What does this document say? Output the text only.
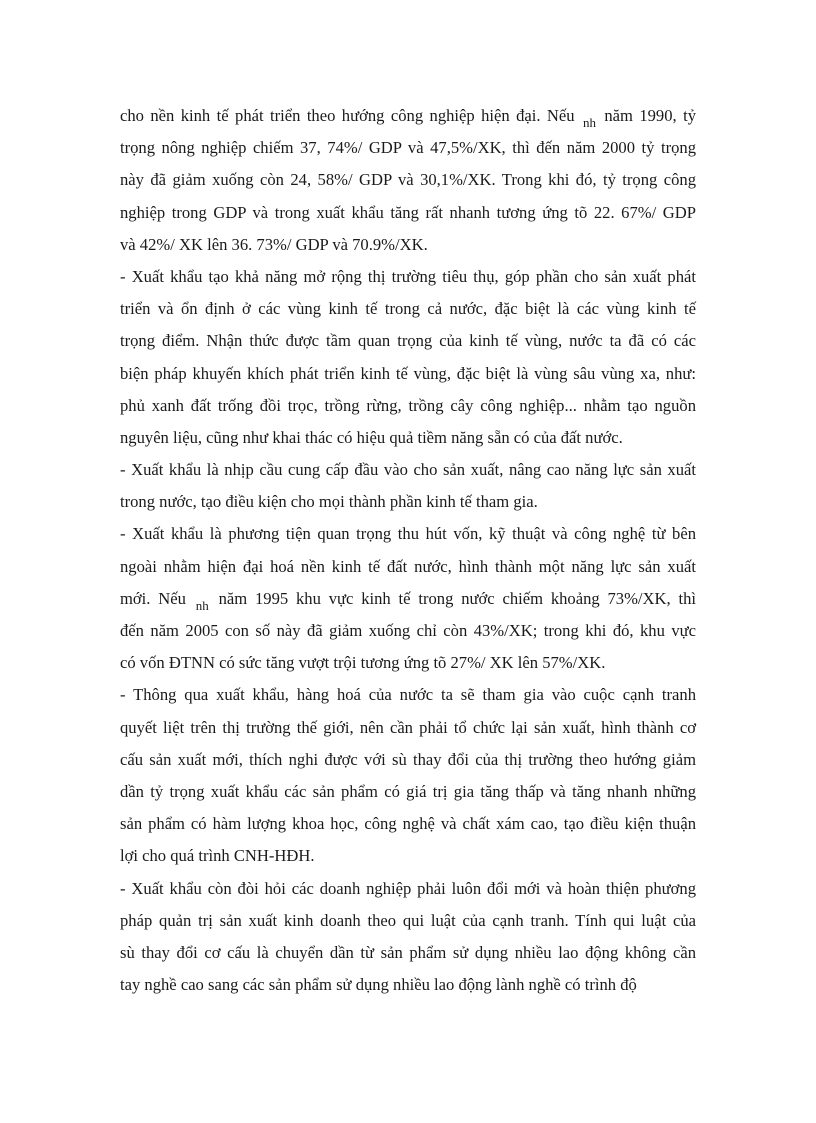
cho nền kinh tế phát triển theo hướng công nghiệp hiện đại. Nếu $_{nh}$ năm 1990, tỷ
trọng nông nghiệp chiếm 37, 74%/ GDP và 47,5%/XK, thì đến năm 2000 tỷ trọng
này đã giảm xuống còn 24, 58%/ GDP và 30,1%/XK. Trong khi đó, tỷ trọng công
nghiệp trong GDP và trong xuất khẩu tăng rất nhanh tương ứng tõ 22. 67%/ GDP
và 42%/ XK lên 36. 73%/ GDP và 70.9%/XK.
- Xuất khẩu tạo khả năng mở rộng thị trường tiêu thụ, góp phần cho sản xuất phát
triển và ổn định ở các vùng kinh tế trong cả nước, đặc biệt là các vùng kinh tế
trọng điểm. Nhận thức được tầm quan trọng của kinh tế vùng, nước ta đã có các
biện pháp khuyến khích phát triển kinh tế vùng, đặc biệt là vùng sâu vùng xa, như:
phủ xanh đất trống đồi trọc, trồng rừng, trồng cây công nghiệp... nhằm tạo nguồn
nguyên liệu, cũng như khai thác có hiệu quả tiềm năng sẵn có của đất nước.
- Xuất khẩu là nhịp cầu cung cấp đầu vào cho sản xuất, nâng cao năng lực sản xuất
trong nước, tạo điều kiện cho mọi thành phần kinh tế tham gia.
- Xuất khẩu là phương tiện quan trọng thu hút vốn, kỹ thuật và công nghệ từ bên
ngoài nhằm hiện đại hoá nền kinh tế đất nước, hình thành một năng lực sản xuất
mới. Nếu $_{nh}$ năm 1995 khu vực kinh tế trong nước chiếm khoảng 73%/XK, thì
đến năm 2005 con số này đã giảm xuống chỉ còn 43%/XK; trong khi đó, khu vực
có vốn ĐTNN có sức tăng vượt trội tương ứng tõ 27%/ XK lên 57%/XK.
- Thông qua xuất khẩu, hàng hoá của nước ta sẽ tham gia vào cuộc cạnh tranh
quyết liệt trên thị trường thế giới, nên cần phải tổ chức lại sản xuất, hình thành cơ
cấu sản xuất mới, thích nghi được với sù thay đổi của thị trường theo hướng giảm
dần tỷ trọng xuất khẩu các sản phẩm có giá trị gia tăng thấp và tăng nhanh những
sản phẩm có hàm lượng khoa học, công nghệ và chất xám cao, tạo điều kiện thuận
lợi cho quá trình CNH-HĐH.
- Xuất khẩu còn đòi hỏi các doanh nghiệp phải luôn đổi mới và hoàn thiện phương
pháp quản trị sản xuất kinh doanh theo qui luật của cạnh tranh. Tính qui luật của
sù thay đổi cơ cấu là chuyển dần từ sản phẩm sử dụng nhiều lao động không cần
tay nghề cao sang các sản phẩm sử dụng nhiều lao động lành nghề có trình độ
